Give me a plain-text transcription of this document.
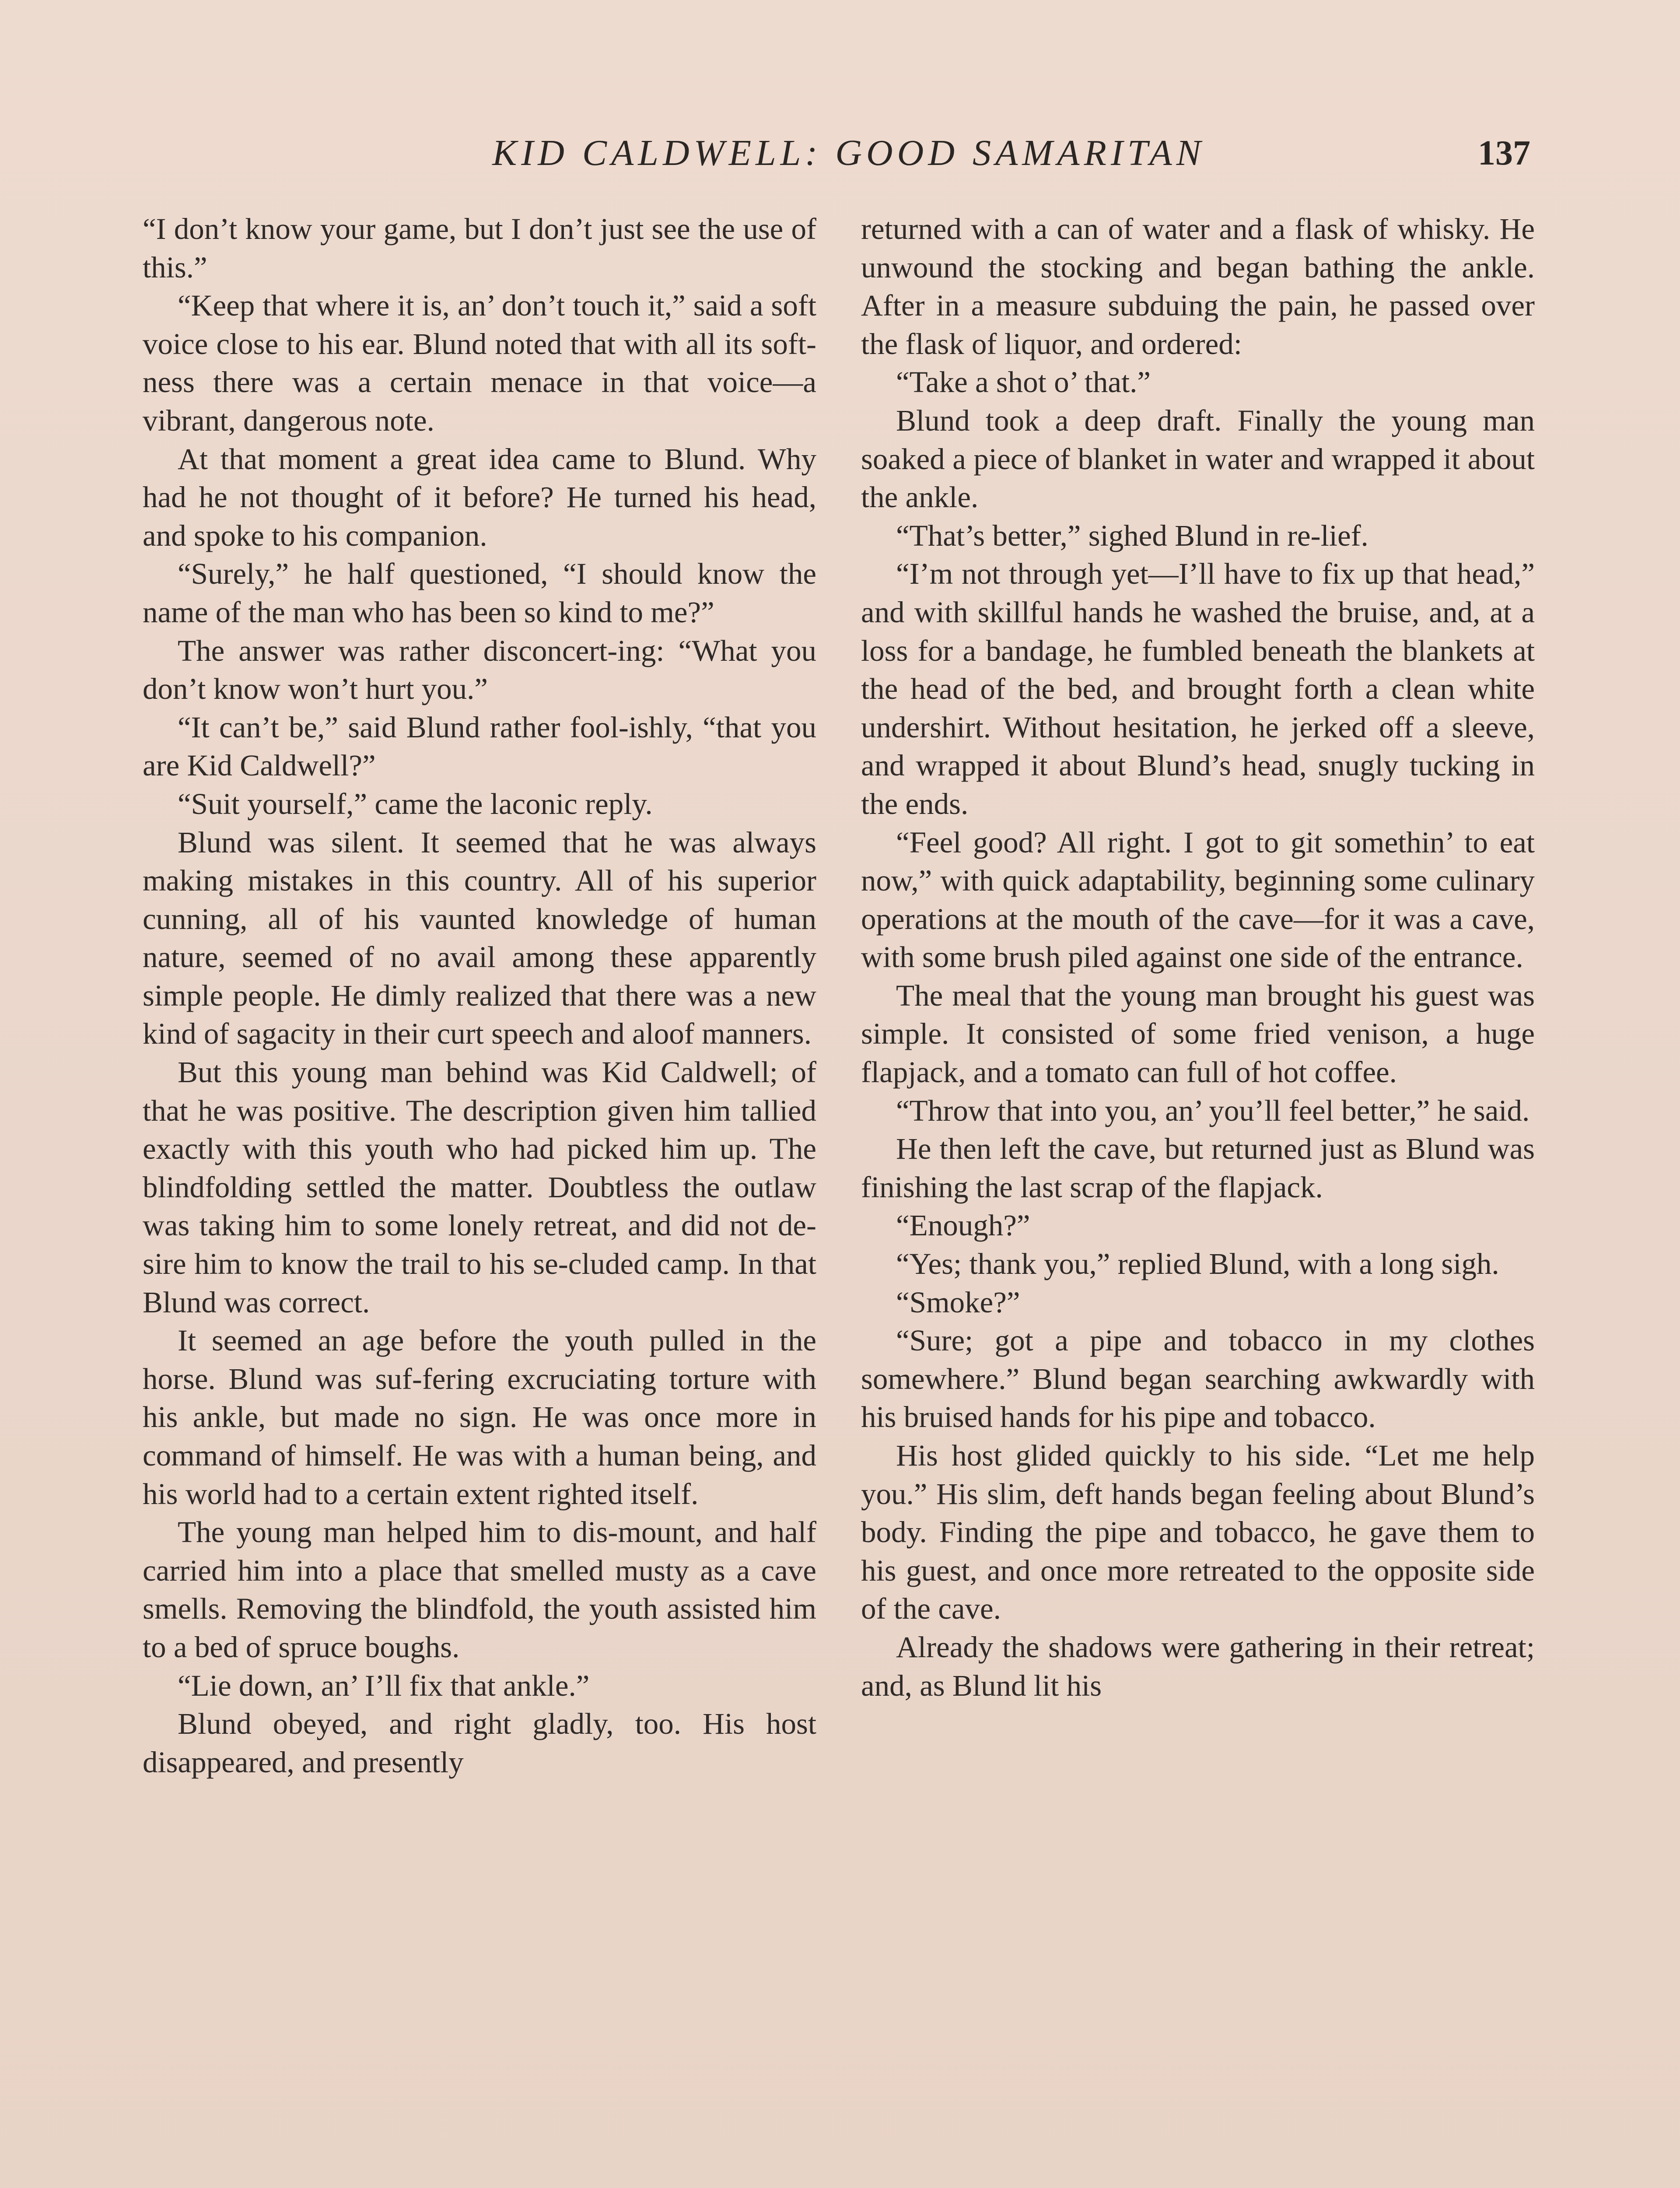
KID CALDWELL: GOOD SAMARITAN	137

“I don’t know your game, but I don’t just see the use of this.”

“Keep that where it is, an’ don’t touch it,” said a soft voice close to his ear. Blund noted that with all its soft-ness there was a certain menace in that voice—a vibrant, dangerous note.

At that moment a great idea came to Blund. Why had he not thought of it before? He turned his head, and spoke to his companion.

“Surely,” he half questioned, “I should know the name of the man who has been so kind to me?”

The answer was rather disconcert-ing: “What you don’t know won’t hurt you.”

“It can’t be,” said Blund rather fool-ishly, “that you are Kid Caldwell?”

“Suit yourself,” came the laconic reply.

Blund was silent. It seemed that he was always making mistakes in this country. All of his superior cunning, all of his vaunted knowledge of human nature, seemed of no avail among these apparently simple people. He dimly realized that there was a new kind of sagacity in their curt speech and aloof manners.

But this young man behind was Kid Caldwell; of that he was positive. The description given him tallied exactly with this youth who had picked him up. The blindfolding settled the matter. Doubtless the outlaw was taking him to some lonely retreat, and did not de-sire him to know the trail to his se-cluded camp. In that Blund was correct.

It seemed an age before the youth pulled in the horse. Blund was suf-fering excruciating torture with his ankle, but made no sign. He was once more in command of himself. He was with a human being, and his world had to a certain extent righted itself.

The young man helped him to dis-mount, and half carried him into a place that smelled musty as a cave smells. Removing the blindfold, the youth assisted him to a bed of spruce boughs.

“Lie down, an’ I’ll fix that ankle.”

Blund obeyed, and right gladly, too. His host disappeared, and presently

returned with a can of water and a flask of whisky. He unwound the stocking and began bathing the ankle. After in a measure subduing the pain, he passed over the flask of liquor, and ordered:

“Take a shot o’ that.”

Blund took a deep draft. Finally the young man soaked a piece of blanket in water and wrapped it about the ankle.

“That’s better,” sighed Blund in re-lief.

“I’m not through yet—I’ll have to fix up that head,” and with skillful hands he washed the bruise, and, at a loss for a bandage, he fumbled beneath the blankets at the head of the bed, and brought forth a clean white undershirt. Without hesitation, he jerked off a sleeve, and wrapped it about Blund’s head, snugly tucking in the ends.

“Feel good? All right. I got to git somethin’ to eat now,” with quick adaptability, beginning some culinary operations at the mouth of the cave—for it was a cave, with some brush piled against one side of the entrance.

The meal that the young man brought his guest was simple. It consisted of some fried venison, a huge flapjack, and a tomato can full of hot coffee.

“Throw that into you, an’ you’ll feel better,” he said.

He then left the cave, but returned just as Blund was finishing the last scrap of the flapjack.

“Enough?”

“Yes; thank you,” replied Blund, with a long sigh.

“Smoke?”

“Sure; got a pipe and tobacco in my clothes somewhere.” Blund began searching awkwardly with his bruised hands for his pipe and tobacco.

His host glided quickly to his side. “Let me help you.” His slim, deft hands began feeling about Blund’s body. Finding the pipe and tobacco, he gave them to his guest, and once more retreated to the opposite side of the cave.

Already the shadows were gathering in their retreat; and, as Blund lit his
